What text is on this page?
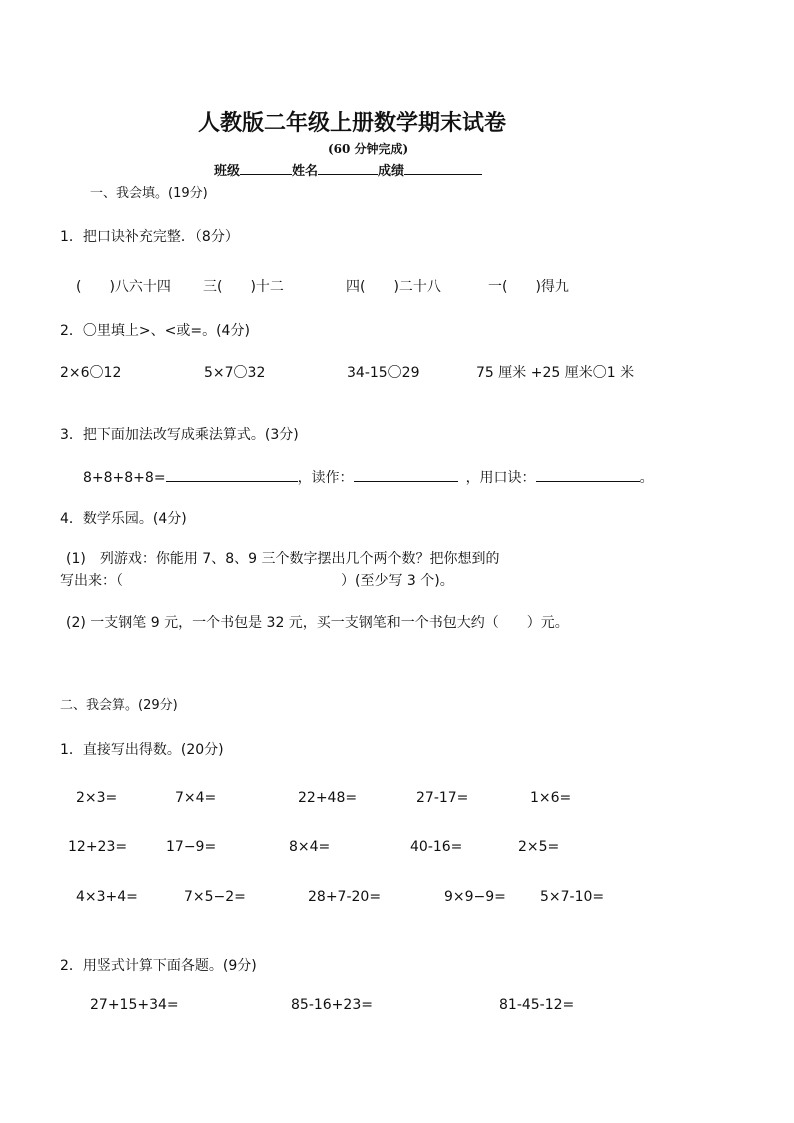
人教版二年级上册数学期末试卷
(60 分钟完成)
班级	姓名	成绩
一、我会填。(19分)
1．把口诀补充完整．（8分）
(　　)八六十四 三(　　)十二	四(　　)二十八	一(　　)得九
2．〇里填上>、<或=。(4分)
2×6〇12	5×7〇32	34-15〇29	75 厘米 +25 厘米〇1 米
3．把下面加法改写成乘法算式。(3分)
8+8+8+8=	，读作：	，用口诀：	。
4．数学乐园。(4分)
(1)　列游戏：你能用 7、8、9 三个数字摆出几个两个数？把你想到的
写出来：（	）(至少写 3 个)。
(2) 一支钢笔 9 元，一个书包是 32 元，买一支钢笔和一个书包大约（　　）元。
二、我会算。(29分)
1．直接写出得数。(20分)
2×3=	7×4=	22+48=	27-17=	1×6=
12+23=	17−9=	8×4=	40-16=	2×5=
4×3+4=	7×5−2=	28+7-20=	9×9−9= 5×7-10=
2．用竖式计算下面各题。(9分)
27+15+34=	85-16+23=	81-45-12=
